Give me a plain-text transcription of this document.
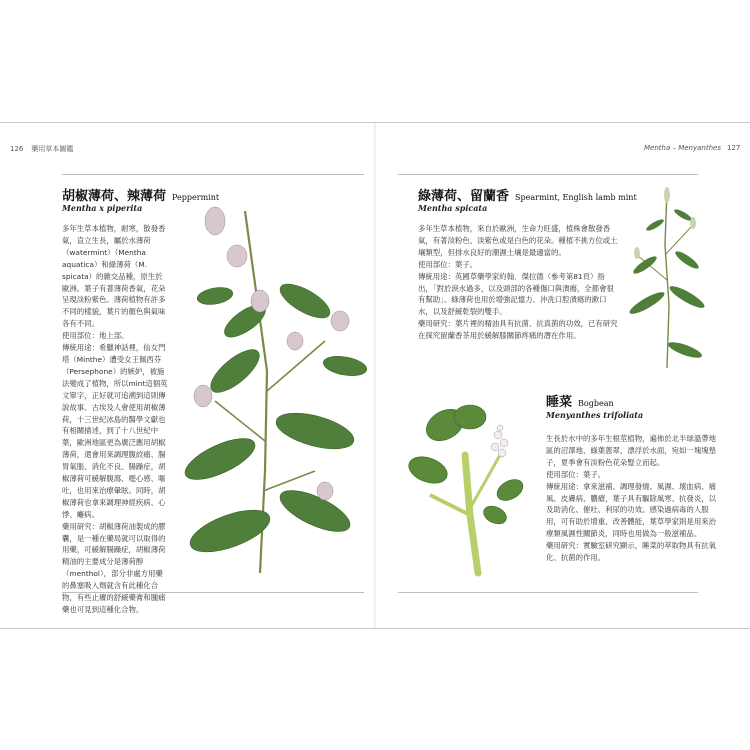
126 藥用草本圖鑑
胡椒薄荷、辣薄荷 Peppermint
Mentha x piperita

多年生草本植物，耐寒，散發香氣，直立生長，屬於水薄荷（watermint）（Mentha aquatica）和綠薄荷（M. spicata）的雜交品種，原生於歐洲。葉子有著薄荷香氣，花朵呈現淡粉紫色。薄荷植物有許多不同的樣貌，葉片的顏色與氣味各有不同。

使用部位：地上部。

傳統用途：希臘神話裡，仙女門塔（Minthe）遭受女王佩西芬（Persephone）的嫉妒，被施法變成了植物，所以mint這個英文單字，正好就可追溯到這則傳說故事。古埃及人會使用胡椒薄荷，十三世紀冰島的醫學文獻也有相關描述，到了十八世紀中葉，歐洲地區更為廣泛應用胡椒薄荷，還會用來調理腹絞痛、腸胃氣脹、消化不良、腸躁症，胡椒薄荷可緩解腹瀉、噁心感、嘔吐，也用來治療暈眩。同時，胡椒薄荷也拿來調理神經疾病、心悸、癱病。

藥用研究：胡椒薄荷油製成的膠囊，是一種在藥局就可以取得的用藥，可緩解腸躁症，胡椒薄荷精油的主要成分是薄荷醇（menthol），部分非處方用藥的鼻塞吸入劑就含有此種化合物，有些止癢的舒緩藥膏和腫痛藥也可見到這種化合物。

Mentha – Menyanthes 127
綠薄荷、留蘭香 Spearmint, English lamb mint
Mentha spicata

多年生草本植物，來自於歐洲，生命力旺盛，植株會散發香氣，有著淡粉色、淡紫色或是白色的花朵。種植不挑方位或土壤類型，但排水良好的潮濕土壤是最適當的。

使用部位：葉子。

傳統用途：英國草藥學家約翰．傑拉德（參考第81頁）指出，「對於淚水過多，以及頭部的各種傷口與潰瘍，全都會很有幫助」。綠薄荷也用於增強記憶力、沖洗口腔潰瘍的漱口水，以及舒緩乾裂的雙手。

藥用研究：葉片裡的精油具有抗菌、抗真菌的功效，已有研究在探究留蘭香茶用於緩解膝關節疼痛的潛在作用。

睡菜 Bogbean
Menyanthes trifoliata

生長於水中的多年生根莖植物，遍佈於北半球溫帶地區的沼澤地、綠葉蔥翠，漂浮於水面，宛如一塊塊墊子，夏季會有淡粉色花朵豎立而起。

使用部位：葉子。

傳統用途：拿來滋補、調理發燒、風濕、壞血病、痛風、皮膚病、膿瘡，葉子具有驅除風寒、抗發炎，以及助消化、催吐、利尿的功效。感染過病毒的人服用，可有助於增重、改善體能，葉草學家則是用來治療類風濕性關節炎，同時也用做為一般滋補品。

藥用研究：實驗室研究顯示，睡菜的萃取物具有抗氧化、抗菌的作用。
